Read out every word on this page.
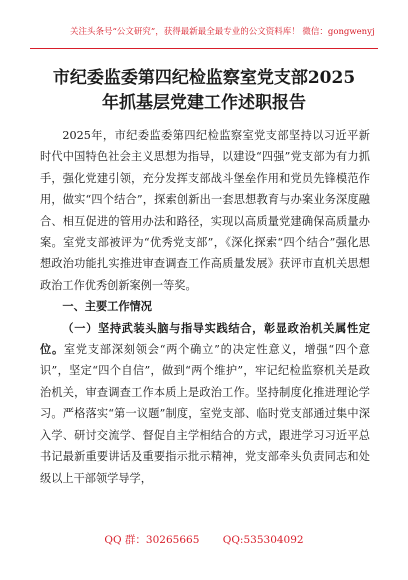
关注头条号“公文研究”，获得最新最全最专业的公文资料库！ 微信：gongwenyj
市纪委监委第四纪检监察室党支部2025
年抓基层党建工作述职报告

2025年，市纪委监委第四纪检监察室党支部坚持以习近平新时代中国特色社会主义思想为指导，以建设“四强”党支部为有力抓手，强化党建引领，充分发挥支部战斗堡垒作用和党员先锋模范作用，做实“四个结合”，探索创新出一套思想教育与办案业务深度融合、相互促进的管用办法和路径，实现以高质量党建确保高质量办案。室党支部被评为“优秀党支部”，《深化探索“四个结合”强化思想政治功能扎实推进审查调查工作高质量发展》获评市直机关思想政治工作优秀创新案例一等奖。

一、主要工作情况

（一）坚持武装头脑与指导实践结合，彰显政治机关属性定位。室党支部深刻领会“两个确立”的决定性意义，增强“四个意识”，坚定“四个自信”，做到“两个维护”，牢记纪检监察机关是政治机关，审查调查工作本质上是政治工作。坚持制度化推进理论学习。严格落实“第一议题”制度，室党支部、临时党支部通过集中深入学、研讨交流学、督促自主学相结合的方式，跟进学习习近平总书记最新重要讲话及重要指示批示精神，党支部牵头负责同志和处级以上干部领学导学，

QQ 群：30265665 QQ:535304092
